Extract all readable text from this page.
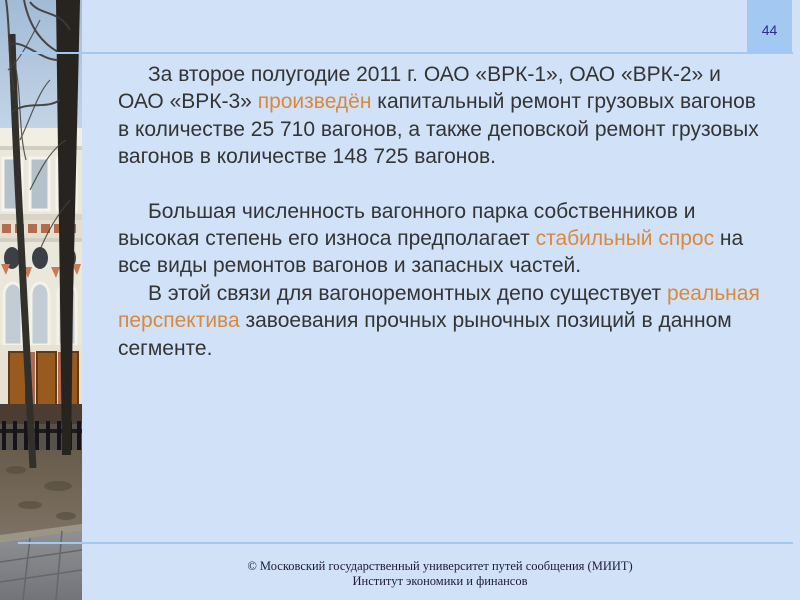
44

За второе полугодие 2011 г. ОАО «ВРК-1», ОАО «ВРК-2» и ОАО «ВРК-3» произведён капитальный ремонт грузовых вагонов в количестве 25 710 вагонов, а также деповской ремонт грузовых вагонов в количестве 148 725 вагонов.

Большая численность вагонного парка собственников и высокая степень его износа предполагает стабильный спрос на все виды ремонтов вагонов и запасных частей.

В этой связи для вагоноремонтных депо существует реальная перспектива завоевания прочных рыночных позиций в данном сегменте.

© Московский государственный университет путей сообщения (МИИТ)
Институт экономики и финансов
